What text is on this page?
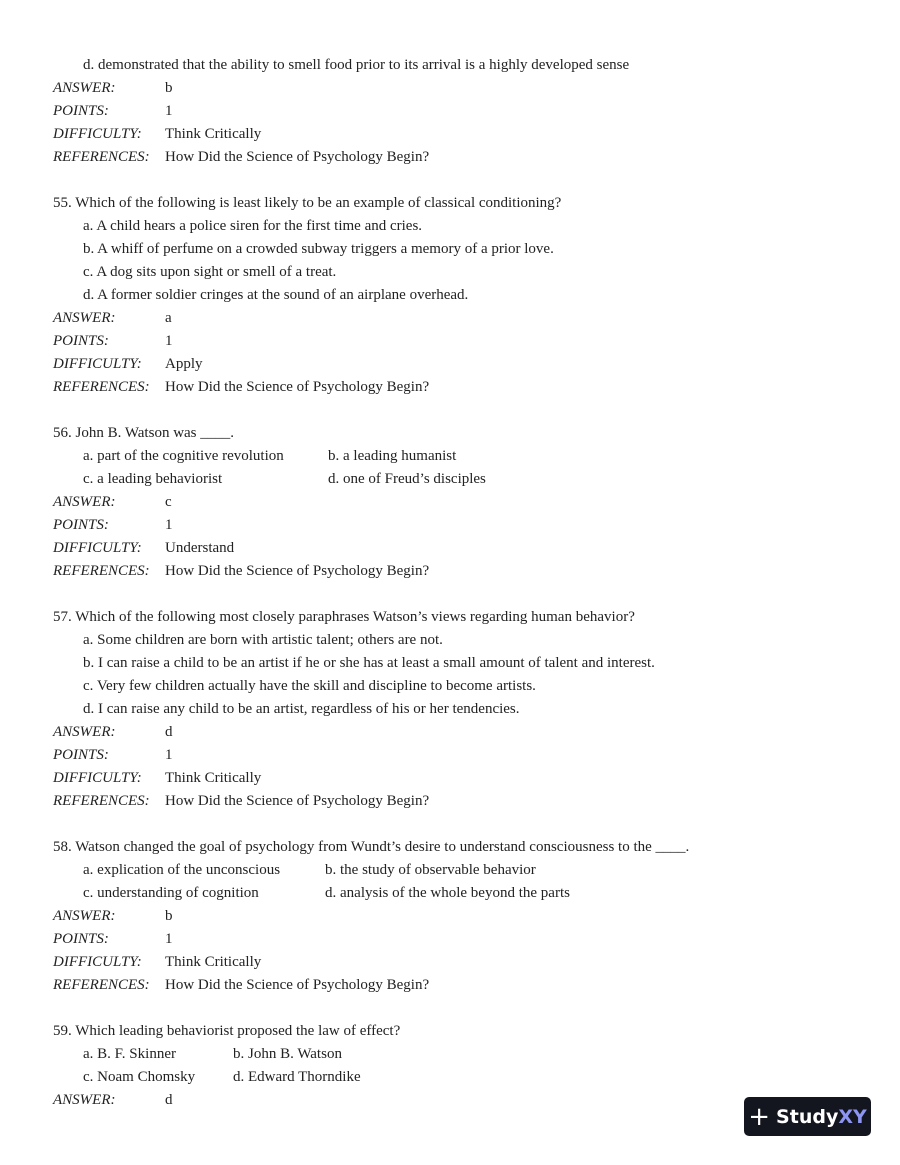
d. demonstrated that the ability to smell food prior to its arrival is a highly developed sense
ANSWER:	b
POINTS:	1
DIFFICULTY:	Think Critically
REFERENCES:	How Did the Science of Psychology Begin?
55. Which of the following is least likely to be an example of classical conditioning?
a. A child hears a police siren for the first time and cries.
b. A whiff of perfume on a crowded subway triggers a memory of a prior love.
c. A dog sits upon sight or smell of a treat.
d. A former soldier cringes at the sound of an airplane overhead.
ANSWER:	a
POINTS:	1
DIFFICULTY:	Apply
REFERENCES:	How Did the Science of Psychology Begin?
56. John B. Watson was ____.
a. part of the cognitive revolution	b. a leading humanist
c. a leading behaviorist	d. one of Freud’s disciples
ANSWER:	c
POINTS:	1
DIFFICULTY:	Understand
REFERENCES:	How Did the Science of Psychology Begin?
57. Which of the following most closely paraphrases Watson’s views regarding human behavior?
a. Some children are born with artistic talent; others are not.
b. I can raise a child to be an artist if he or she has at least a small amount of talent and interest.
c. Very few children actually have the skill and discipline to become artists.
d. I can raise any child to be an artist, regardless of his or her tendencies.
ANSWER:	d
POINTS:	1
DIFFICULTY:	Think Critically
REFERENCES:	How Did the Science of Psychology Begin?
58. Watson changed the goal of psychology from Wundt’s desire to understand consciousness to the ____.
a. explication of the unconscious	b. the study of observable behavior
c. understanding of cognition	d. analysis of the whole beyond the parts
ANSWER:	b
POINTS:	1
DIFFICULTY:	Think Critically
REFERENCES:	How Did the Science of Psychology Begin?
59. Which leading behaviorist proposed the law of effect?
a. B. F. Skinner	b. John B. Watson
c. Noam Chomsky	d. Edward Thorndike
ANSWER:	d
+ Study XY
